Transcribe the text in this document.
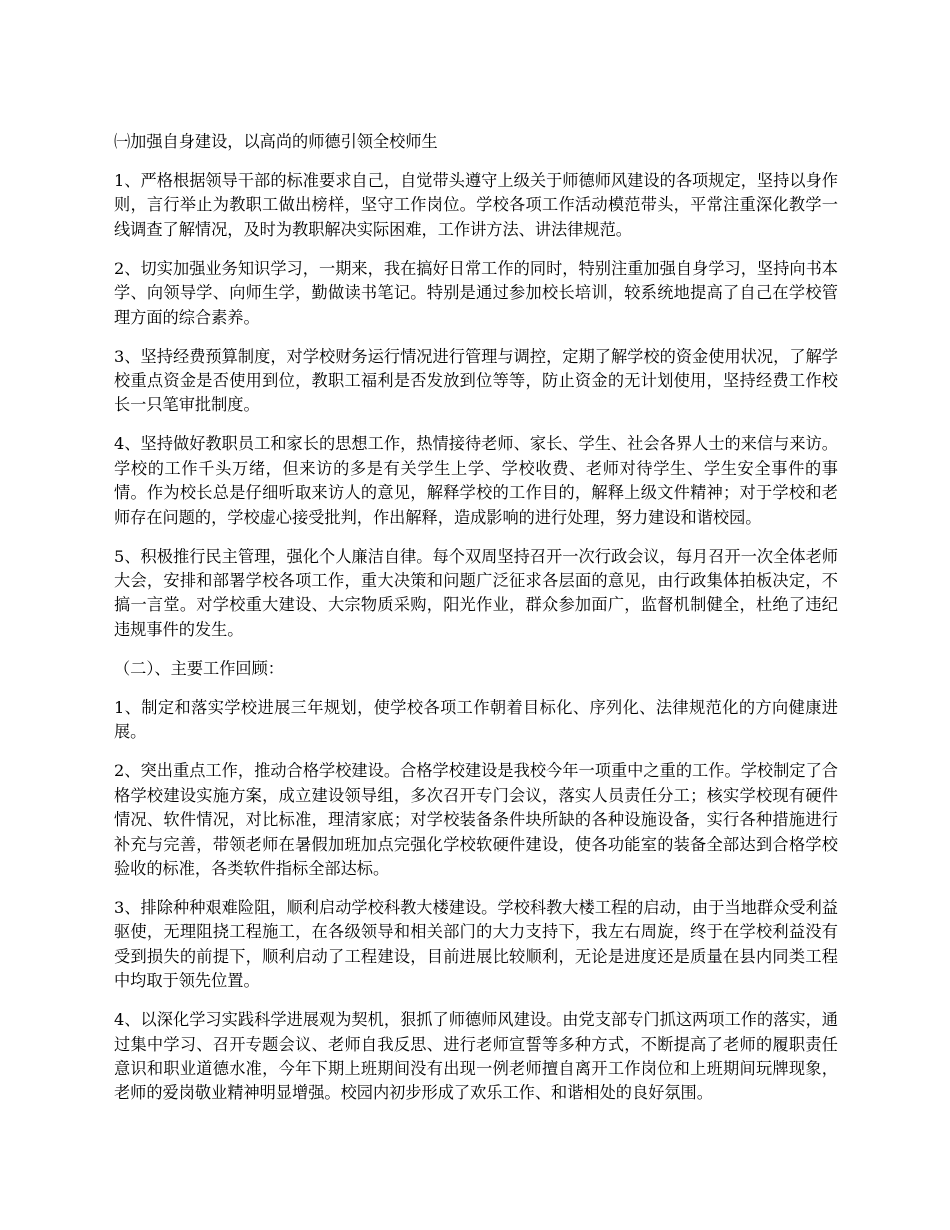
㈠加强自身建设，以高尚的师德引领全校师生

1、严格根据领导干部的标准要求自己，自觉带头遵守上级关于师德师风建设的各项规定，坚持以身作则，言行举止为教职工做出榜样，坚守工作岗位。学校各项工作活动模范带头，平常注重深化教学一线调查了解情况，及时为教职解决实际困难，工作讲方法、讲法律规范。

2、切实加强业务知识学习，一期来，我在搞好日常工作的同时，特别注重加强自身学习，坚持向书本学、向领导学、向师生学，勤做读书笔记。特别是通过参加校长培训，较系统地提高了自己在学校管理方面的综合素养。

3、坚持经费预算制度，对学校财务运行情况进行管理与调控，定期了解学校的资金使用状况，了解学校重点资金是否使用到位，教职工福利是否发放到位等等，防止资金的无计划使用，坚持经费工作校长一只笔审批制度。

4、坚持做好教职员工和家长的思想工作，热情接待老师、家长、学生、社会各界人士的来信与来访。学校的工作千头万绪，但来访的多是有关学生上学、学校收费、老师对待学生、学生安全事件的事情。作为校长总是仔细听取来访人的意见，解释学校的工作目的，解释上级文件精神；对于学校和老师存在问题的，学校虚心接受批判，作出解释，造成影响的进行处理，努力建设和谐校园。

5、积极推行民主管理，强化个人廉洁自律。每个双周坚持召开一次行政会议，每月召开一次全体老师大会，安排和部署学校各项工作，重大决策和问题广泛征求各层面的意见，由行政集体拍板决定，不搞一言堂。对学校重大建设、大宗物质采购，阳光作业，群众参加面广，监督机制健全，杜绝了违纪违规事件的发生。

（二）、主要工作回顾：

1、制定和落实学校进展三年规划，使学校各项工作朝着目标化、序列化、法律规范化的方向健康进展。

2、突出重点工作，推动合格学校建设。合格学校建设是我校今年一项重中之重的工作。学校制定了合格学校建设实施方案，成立建设领导组，多次召开专门会议，落实人员责任分工；核实学校现有硬件情况、软件情况，对比标准，理清家底；对学校装备条件块所缺的各种设施设备，实行各种措施进行补充与完善，带领老师在暑假加班加点完强化学校软硬件建设，使各功能室的装备全部达到合格学校验收的标准，各类软件指标全部达标。

3、排除种种艰难险阻，顺利启动学校科教大楼建设。学校科教大楼工程的启动，由于当地群众受利益驱使，无理阻挠工程施工，在各级领导和相关部门的大力支持下，我左右周旋，终于在学校利益没有受到损失的前提下，顺利启动了工程建设，目前进展比较顺利，无论是进度还是质量在县内同类工程中均取于领先位置。

4、以深化学习实践科学进展观为契机，狠抓了师德师风建设。由党支部专门抓这两项工作的落实，通过集中学习、召开专题会议、老师自我反思、进行老师宣誓等多种方式，不断提高了老师的履职责任意识和职业道德水准，今年下期上班期间没有出现一例老师擅自离开工作岗位和上班期间玩牌现象，老师的爱岗敬业精神明显增强。校园内初步形成了欢乐工作、和谐相处的良好氛围。
